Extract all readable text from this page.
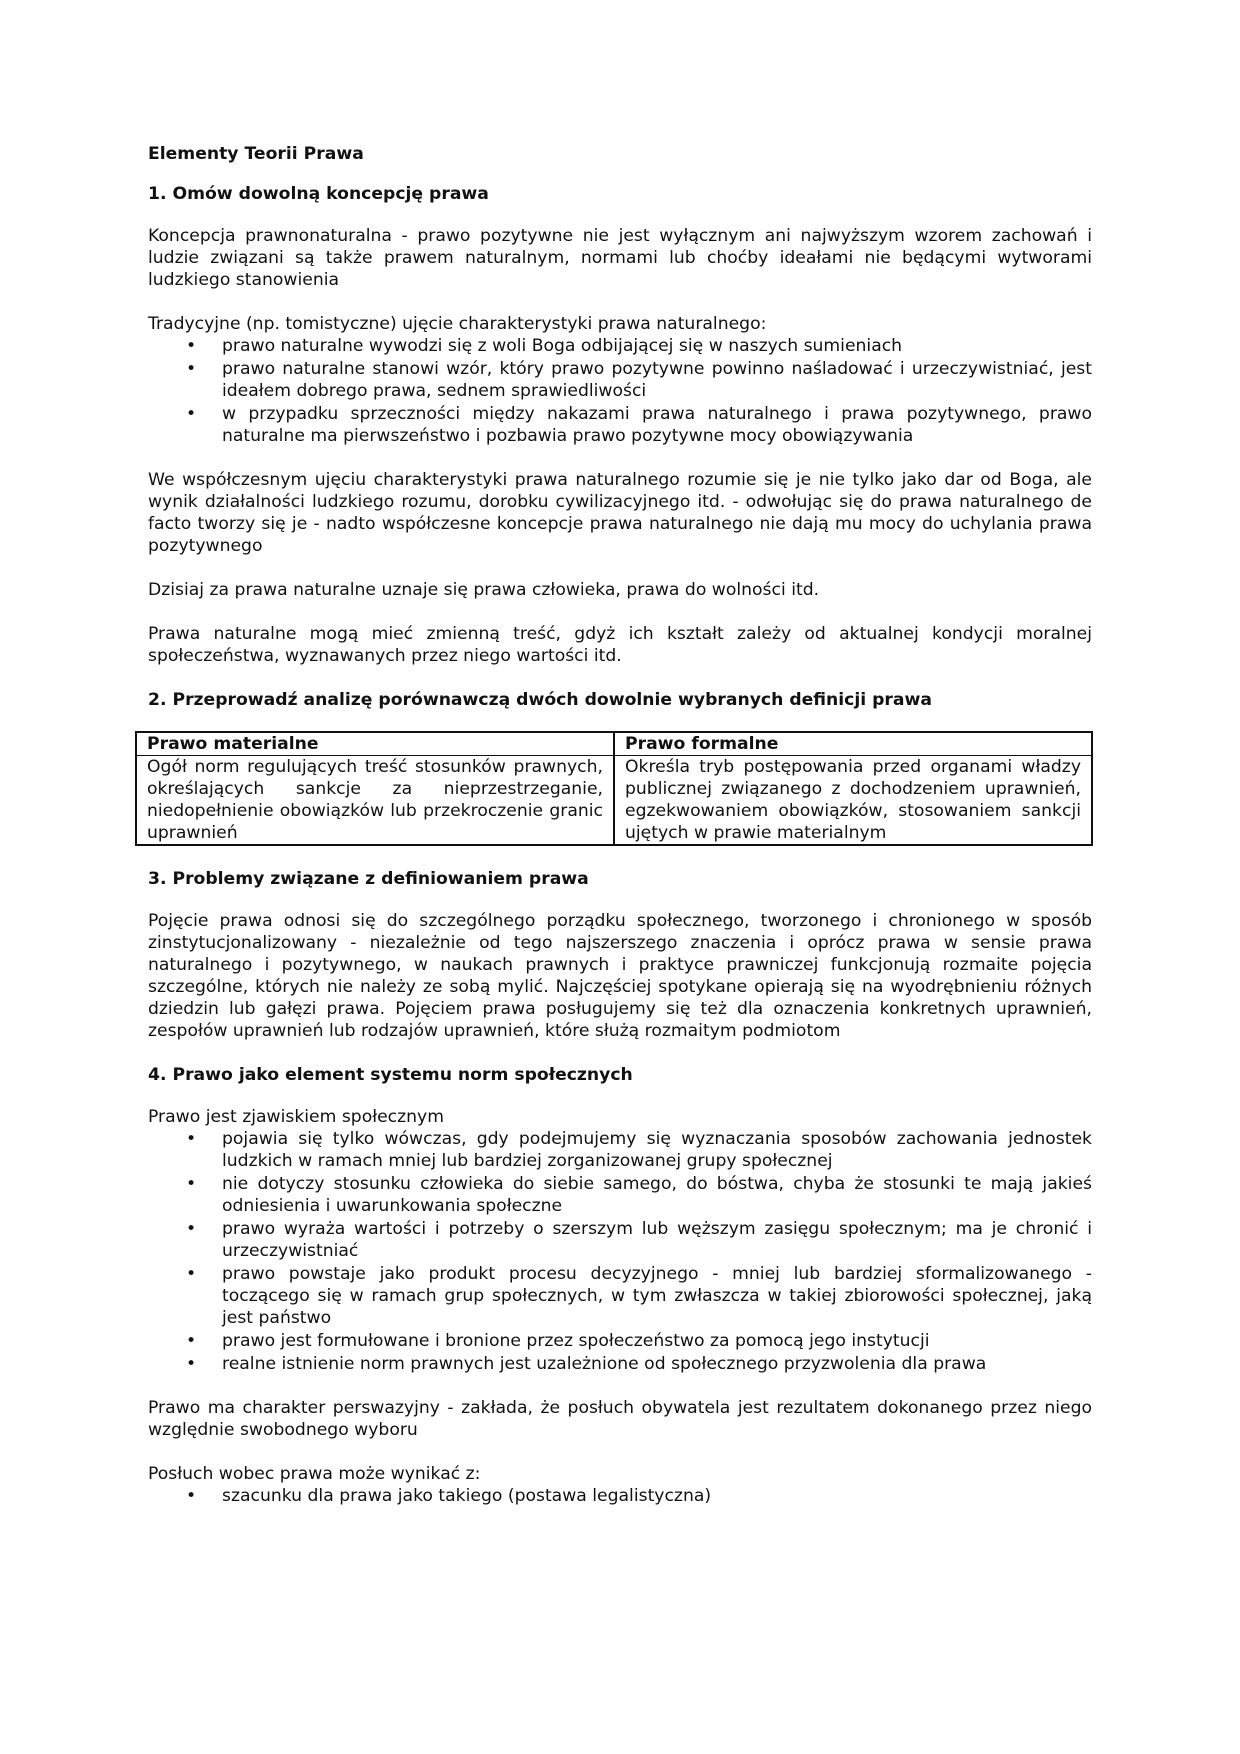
Elementy Teorii Prawa
1. Omów dowolną koncepcję prawa

Koncepcja prawnonaturalna - prawo pozytywne nie jest wyłącznym ani najwyższym wzorem zachowań i ludzie związani są także prawem naturalnym, normami lub choćby ideałami nie będącymi wytworami ludzkiego stanowienia

Tradycyjne (np. tomistyczne) ujęcie charakterystyki prawa naturalnego:

• prawo naturalne wywodzi się z woli Boga odbijającej się w naszych sumieniach
• prawo naturalne stanowi wzór, który prawo pozytywne powinno naśladować i urzeczywistniać, jest ideałem dobrego prawa, sednem sprawiedliwości
• w przypadku sprzeczności między nakazami prawa naturalnego i prawa pozytywnego, prawo naturalne ma pierwszeństwo i pozbawia prawo pozytywne mocy obowiązywania

We współczesnym ujęciu charakterystyki prawa naturalnego rozumie się je nie tylko jako dar od Boga, ale wynik działalności ludzkiego rozumu, dorobku cywilizacyjnego itd. - odwołując się do prawa naturalnego de facto tworzy się je - nadto współczesne koncepcje prawa naturalnego nie dają mu mocy do uchylania prawa pozytywnego

Dzisiaj za prawa naturalne uznaje się prawa człowieka, prawa do wolności itd.

Prawa naturalne mogą mieć zmienną treść, gdyż ich kształt zależy od aktualnej kondycji moralnej społeczeństwa, wyznawanych przez niego wartości itd.

2. Przeprowadź analizę porównawczą dwóch dowolnie wybranych definicji prawa
Prawo materialne	Prawo formalne
Ogół norm regulujących treść stosunków prawnych, określających sankcje za nieprzestrzeganie, niedopełnienie obowiązków lub przekroczenie granic uprawnień	Określa tryb postępowania przed organami władzy publicznej związanego z dochodzeniem uprawnień, egzekwowaniem obowiązków, stosowaniem sankcji ujętych w prawie materialnym
3. Problemy związane z definiowaniem prawa

Pojęcie prawa odnosi się do szczególnego porządku społecznego, tworzonego i chronionego w sposób zinstytucjonalizowany - niezależnie od tego najszerszego znaczenia i oprócz prawa w sensie prawa naturalnego i pozytywnego, w naukach prawnych i praktyce prawniczej funkcjonują rozmaite pojęcia szczególne, których nie należy ze sobą mylić. Najczęściej spotykane opierają się na wyodrębnieniu różnych dziedzin lub gałęzi prawa. Pojęciem prawa posługujemy się też dla oznaczenia konkretnych uprawnień, zespołów uprawnień lub rodzajów uprawnień, które służą rozmaitym podmiotom

4. Prawo jako element systemu norm społecznych

Prawo jest zjawiskiem społecznym

• pojawia się tylko wówczas, gdy podejmujemy się wyznaczania sposobów zachowania jednostek ludzkich w ramach mniej lub bardziej zorganizowanej grupy społecznej
• nie dotyczy stosunku człowieka do siebie samego, do bóstwa, chyba że stosunki te mają jakieś odniesienia i uwarunkowania społeczne
• prawo wyraża wartości i potrzeby o szerszym lub węższym zasięgu społecznym; ma je chronić i urzeczywistniać
• prawo powstaje jako produkt procesu decyzyjnego - mniej lub bardziej sformalizowanego - toczącego się w ramach grup społecznych, w tym zwłaszcza w takiej zbiorowości społecznej, jaką jest państwo
• prawo jest formułowane i bronione przez społeczeństwo za pomocą jego instytucji
• realne istnienie norm prawnych jest uzależnione od społecznego przyzwolenia dla prawa

Prawo ma charakter perswazyjny - zakłada, że posłuch obywatela jest rezultatem dokonanego przez niego względnie swobodnego wyboru

Posłuch wobec prawa może wynikać z:

• szacunku dla prawa jako takiego (postawa legalistyczna)
